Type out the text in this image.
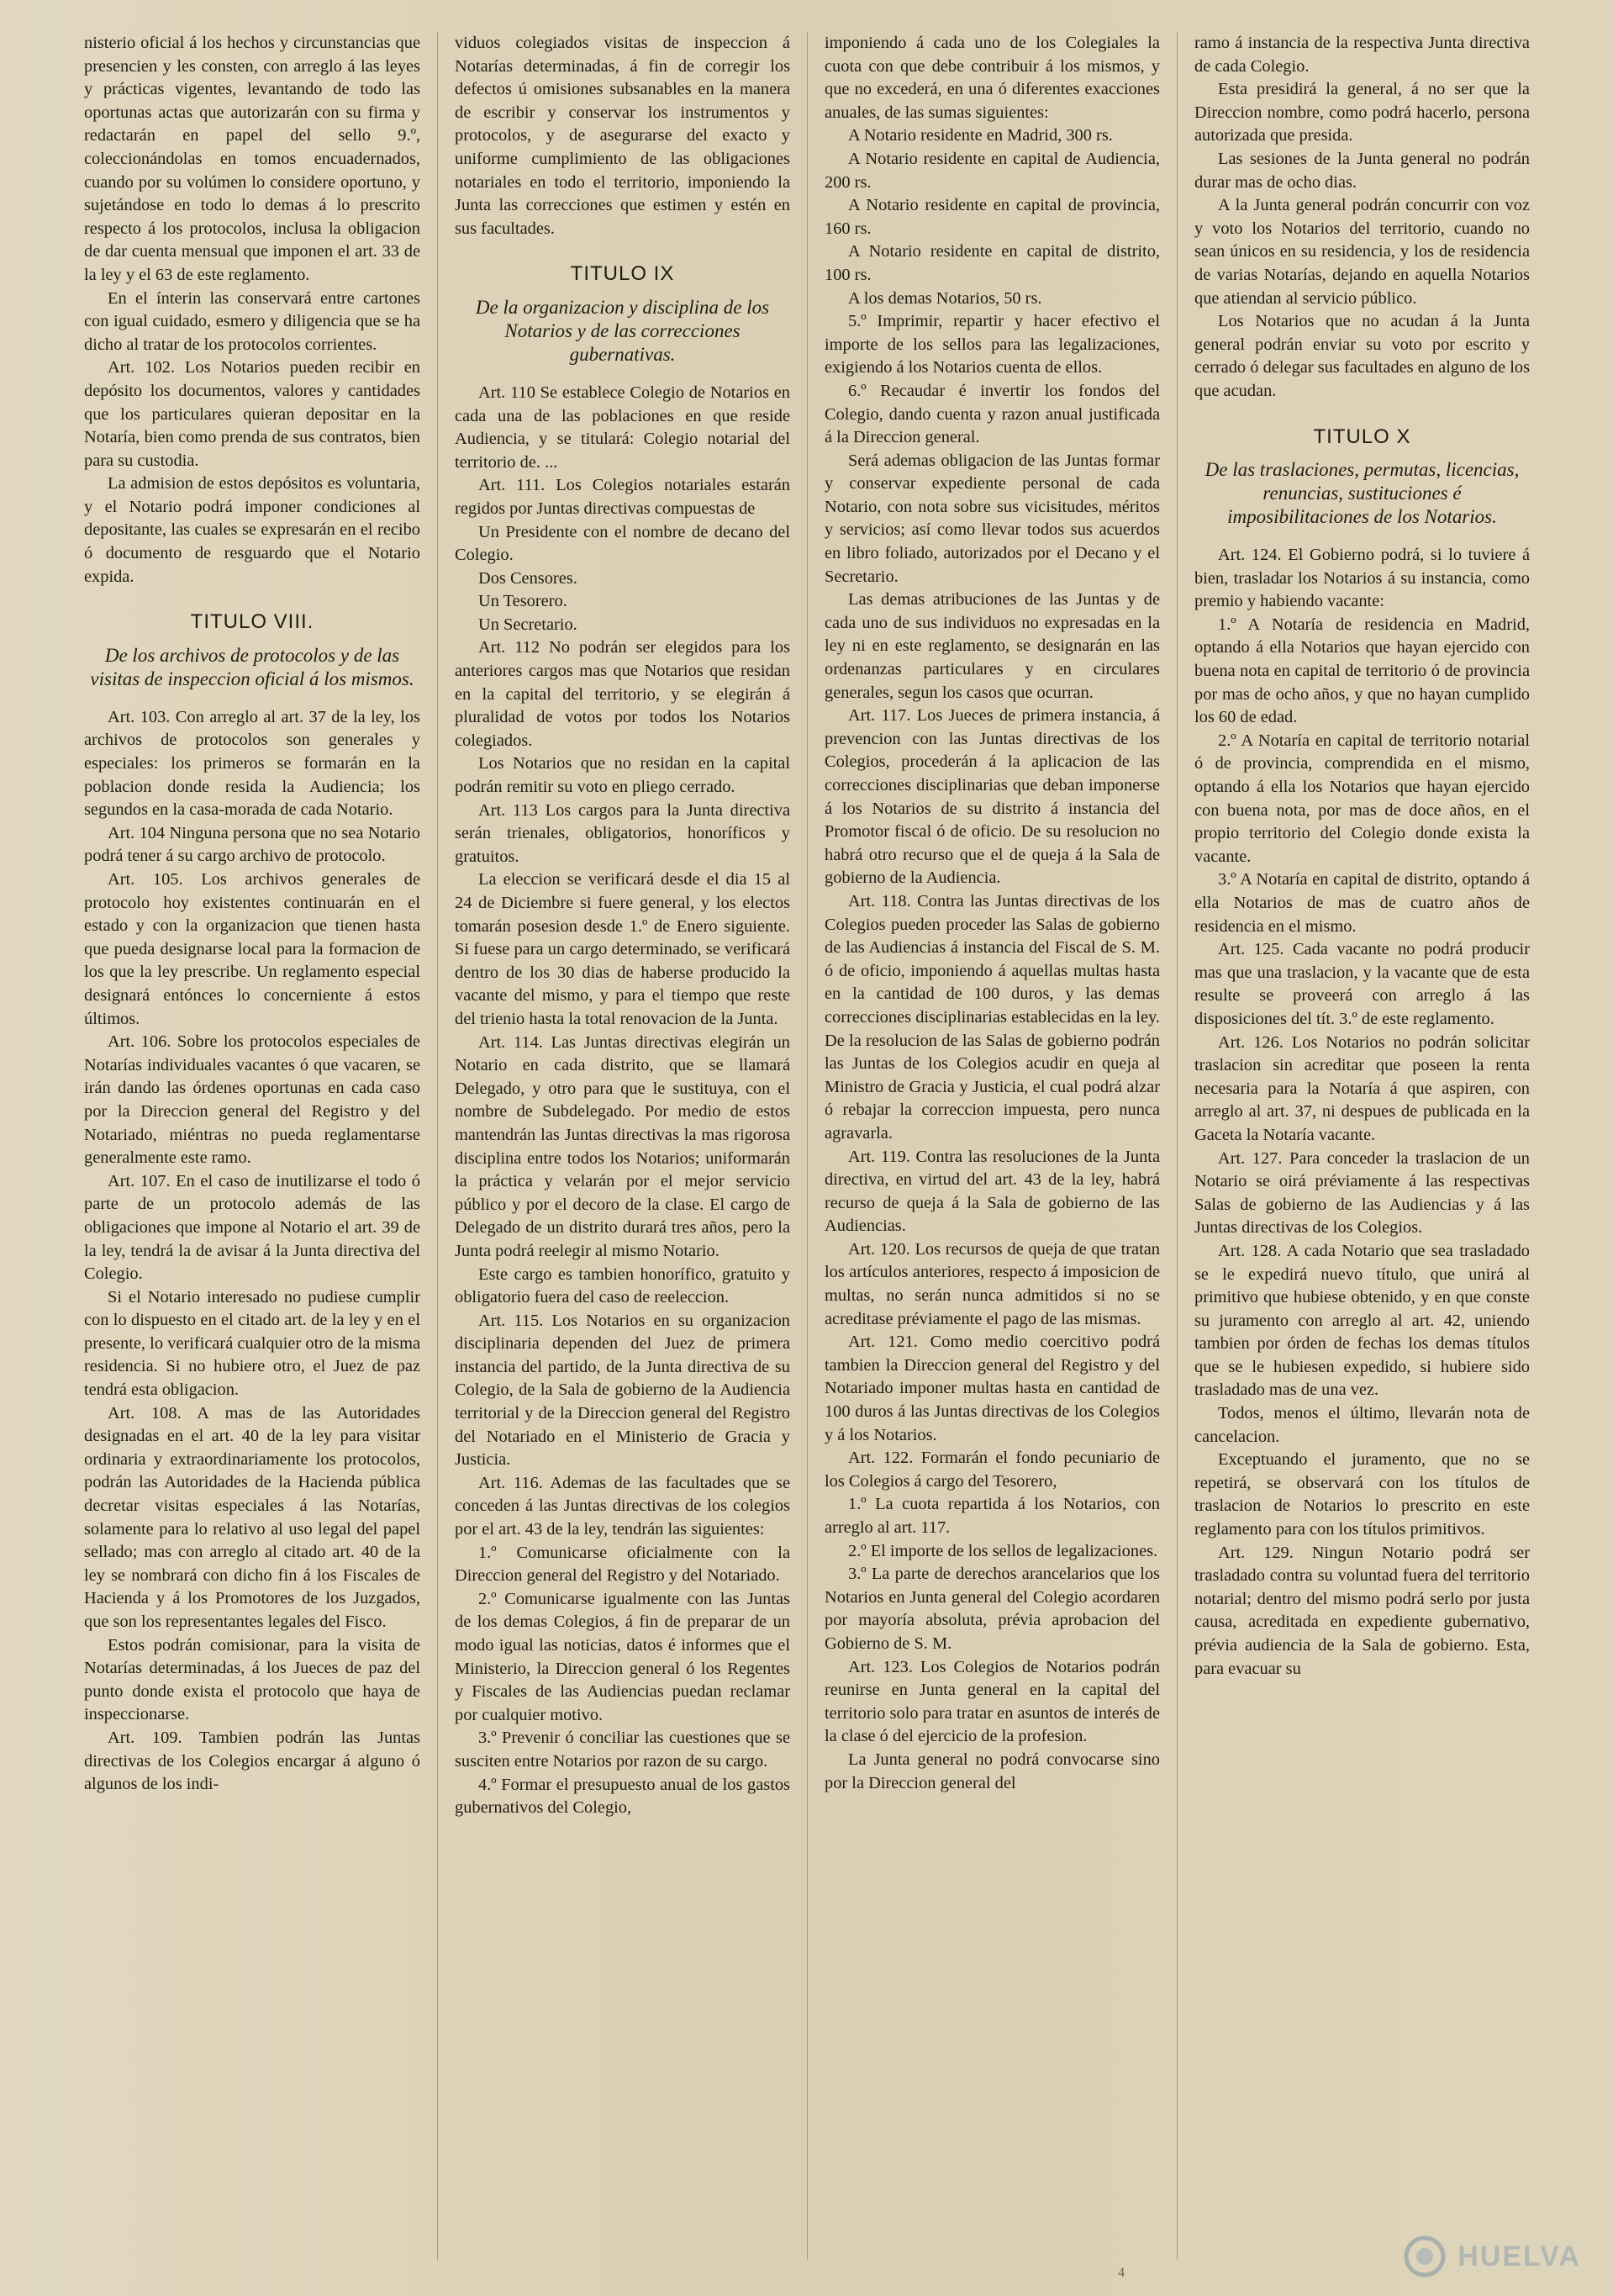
nisterio oficial á los hechos y circunstancias que presencien y les consten, con arreglo á las leyes y prácticas vigentes, levantando de todo las oportunas actas que autorizarán con su firma y redactarán en papel del sello 9.º, coleccionándolas en tomos encuadernados, cuando por su volúmen lo considere oportuno, y sujetándose en todo lo demas á lo prescrito respecto á los protocolos, inclusa la obligacion de dar cuenta mensual que imponen el art. 33 de la ley y el 63 de este reglamento.

En el ínterin las conservará entre cartones con igual cuidado, esmero y diligencia que se ha dicho al tratar de los protocolos corrientes.

Art. 102. Los Notarios pueden recibir en depósito los documentos, valores y cantidades que los particulares quieran depositar en la Notaría, bien como prenda de sus contratos, bien para su custodia.

La admision de estos depósitos es voluntaria, y el Notario podrá imponer condiciones al depositante, las cuales se expresarán en el recibo ó documento de resguardo que el Notario expida.

TITULO VIII.
De los archivos de protocolos y de las visitas de inspeccion oficial á los mismos.

Art. 103. Con arreglo al art. 37 de la ley, los archivos de protocolos son generales y especiales: los primeros se formarán en la poblacion donde resida la Audiencia; los segundos en la casa-morada de cada Notario.

Art. 104 Ninguna persona que no sea Notario podrá tener á su cargo archivo de protocolo.

Art. 105. Los archivos generales de protocolo hoy existentes continuarán en el estado y con la organizacion que tienen hasta que pueda designarse local para la formacion de los que la ley prescribe. Un reglamento especial designará entónces lo concerniente á estos últimos.

Art. 106. Sobre los protocolos especiales de Notarías individuales vacantes ó que vacaren, se irán dando las órdenes oportunas en cada caso por la Direccion general del Registro y del Notariado, miéntras no pueda reglamentarse generalmente este ramo.

Art. 107. En el caso de inutilizarse el todo ó parte de un protocolo además de las obligaciones que impone al Notario el art. 39 de la ley, tendrá la de avisar á la Junta directiva del Colegio.

Si el Notario interesado no pudiese cumplir con lo dispuesto en el citado art. de la ley y en el presente, lo verificará cualquier otro de la misma residencia. Si no hubiere otro, el Juez de paz tendrá esta obligacion.

Art. 108. A mas de las Autoridades designadas en el art. 40 de la ley para visitar ordinaria y extraordinariamente los protocolos, podrán las Autoridades de la Hacienda pública decretar visitas especiales á las Notarías, solamente para lo relativo al uso legal del papel sellado; mas con arreglo al citado art. 40 de la ley se nombrará con dicho fin á los Fiscales de Hacienda y á los Promotores de los Juzgados, que son los representantes legales del Fisco.

Estos podrán comisionar, para la visita de Notarías determinadas, á los Jueces de paz del punto donde exista el protocolo que haya de inspeccionarse.

Art. 109. Tambien podrán las Juntas directivas de los Colegios encargar á alguno ó algunos de los indi-

viduos colegiados visitas de inspeccion á Notarías determinadas, á fin de corregir los defectos ú omisiones subsanables en la manera de escribir y conservar los instrumentos y protocolos, y de asegurarse del exacto y uniforme cumplimiento de las obligaciones notariales en todo el territorio, imponiendo la Junta las correcciones que estimen y estén en sus facultades.

TITULO IX
De la organizacion y disciplina de los Notarios y de las correcciones gubernativas.

Art. 110 Se establece Colegio de Notarios en cada una de las poblaciones en que reside Audiencia, y se titulará: Colegio notarial del territorio de. ...

Art. 111. Los Colegios notariales estarán regidos por Juntas directivas compuestas de

Un Presidente con el nombre de decano del Colegio.

Dos Censores.

Un Tesorero.

Un Secretario.

Art. 112 No podrán ser elegidos para los anteriores cargos mas que Notarios que residan en la capital del territorio, y se elegirán á pluralidad de votos por todos los Notarios colegiados.

Los Notarios que no residan en la capital podrán remitir su voto en pliego cerrado.

Art. 113 Los cargos para la Junta directiva serán trienales, obligatorios, honoríficos y gratuitos.

La eleccion se verificará desde el dia 15 al 24 de Diciembre si fuere general, y los electos tomarán posesion desde 1.º de Enero siguiente. Si fuese para un cargo determinado, se verificará dentro de los 30 dias de haberse producido la vacante del mismo, y para el tiempo que reste del trienio hasta la total renovacion de la Junta.

Art. 114. Las Juntas directivas elegirán un Notario en cada distrito, que se llamará Delegado, y otro para que le sustituya, con el nombre de Subdelegado. Por medio de estos mantendrán las Juntas directivas la mas rigorosa disciplina entre todos los Notarios; uniformarán la práctica y velarán por el mejor servicio público y por el decoro de la clase. El cargo de Delegado de un distrito durará tres años, pero la Junta podrá reelegir al mismo Notario.

Este cargo es tambien honorífico, gratuito y obligatorio fuera del caso de reeleccion.

Art. 115. Los Notarios en su organizacion disciplinaria dependen del Juez de primera instancia del partido, de la Junta directiva de su Colegio, de la Sala de gobierno de la Audiencia territorial y de la Direccion general del Registro del Notariado en el Ministerio de Gracia y Justicia.

Art. 116. Ademas de las facultades que se conceden á las Juntas directivas de los colegios por el art. 43 de la ley, tendrán las siguientes:

1.º Comunicarse oficialmente con la Direccion general del Registro y del Notariado.

2.º Comunicarse igualmente con las Juntas de los demas Colegios, á fin de preparar de un modo igual las noticias, datos é informes que el Ministerio, la Direccion general ó los Regentes y Fiscales de las Audiencias puedan reclamar por cualquier motivo.

3.º Prevenir ó conciliar las cuestiones que se susciten entre Notarios por razon de su cargo.

4.º Formar el presupuesto anual de los gastos gubernativos del Colegio,

imponiendo á cada uno de los Colegiales la cuota con que debe contribuir á los mismos, y que no excederá, en una ó diferentes exacciones anuales, de las sumas siguientes:

A Notario residente en Madrid, 300 rs.

A Notario residente en capital de Audiencia, 200 rs.

A Notario residente en capital de provincia, 160 rs.

A Notario residente en capital de distrito, 100 rs.

A los demas Notarios, 50 rs.

5.º Imprimir, repartir y hacer efectivo el importe de los sellos para las legalizaciones, exigiendo á los Notarios cuenta de ellos.

6.º Recaudar é invertir los fondos del Colegio, dando cuenta y razon anual justificada á la Direccion general.

Será ademas obligacion de las Juntas formar y conservar expediente personal de cada Notario, con nota sobre sus vicisitudes, méritos y servicios; así como llevar todos sus acuerdos en libro foliado, autorizados por el Decano y el Secretario.

Las demas atribuciones de las Juntas y de cada uno de sus individuos no expresadas en la ley ni en este reglamento, se designarán en las ordenanzas particulares y en circulares generales, segun los casos que ocurran.

Art. 117. Los Jueces de primera instancia, á prevencion con las Juntas directivas de los Colegios, procederán á la aplicacion de las correcciones disciplinarias que deban imponerse á los Notarios de su distrito á instancia del Promotor fiscal ó de oficio. De su resolucion no habrá otro recurso que el de queja á la Sala de gobierno de la Audiencia.

Art. 118. Contra las Juntas directivas de los Colegios pueden proceder las Salas de gobierno de las Audiencias á instancia del Fiscal de S. M. ó de oficio, imponiendo á aquellas multas hasta en la cantidad de 100 duros, y las demas correcciones disciplinarias establecidas en la ley. De la resolucion de las Salas de gobierno podrán las Juntas de los Colegios acudir en queja al Ministro de Gracia y Justicia, el cual podrá alzar ó rebajar la correccion impuesta, pero nunca agravarla.

Art. 119. Contra las resoluciones de la Junta directiva, en virtud del art. 43 de la ley, habrá recurso de queja á la Sala de gobierno de las Audiencias.

Art. 120. Los recursos de queja de que tratan los artículos anteriores, respecto á imposicion de multas, no serán nunca admitidos si no se acreditase préviamente el pago de las mismas.

Art. 121. Como medio coercitivo podrá tambien la Direccion general del Registro y del Notariado imponer multas hasta en cantidad de 100 duros á las Juntas directivas de los Colegios y á los Notarios.

Art. 122. Formarán el fondo pecuniario de los Colegios á cargo del Tesorero,

1.º La cuota repartida á los Notarios, con arreglo al art. 117.

2.º El importe de los sellos de legalizaciones.

3.º La parte de derechos arancelarios que los Notarios en Junta general del Colegio acordaren por mayoría absoluta, prévia aprobacion del Gobierno de S. M.

Art. 123. Los Colegios de Notarios podrán reunirse en Junta general en la capital del territorio solo para tratar en asuntos de interés de la clase ó del ejercicio de la profesion.

La Junta general no podrá convocarse sino por la Direccion general del

ramo á instancia de la respectiva Junta directiva de cada Colegio.

Esta presidirá la general, á no ser que la Direccion nombre, como podrá hacerlo, persona autorizada que presida.

Las sesiones de la Junta general no podrán durar mas de ocho dias.

A la Junta general podrán concurrir con voz y voto los Notarios del territorio, cuando no sean únicos en su residencia, y los de residencia de varias Notarías, dejando en aquella Notarios que atiendan al servicio público.

Los Notarios que no acudan á la Junta general podrán enviar su voto por escrito y cerrado ó delegar sus facultades en alguno de los que acudan.

TITULO X
De las traslaciones, permutas, licencias, renuncias, sustituciones é imposibilitaciones de los Notarios.

Art. 124. El Gobierno podrá, si lo tuviere á bien, trasladar los Notarios á su instancia, como premio y habiendo vacante:

1.º A Notaría de residencia en Madrid, optando á ella Notarios que hayan ejercido con buena nota en capital de territorio ó de provincia por mas de ocho años, y que no hayan cumplido los 60 de edad.

2.º A Notaría en capital de territorio notarial ó de provincia, comprendida en el mismo, optando á ella los Notarios que hayan ejercido con buena nota, por mas de doce años, en el propio territorio del Colegio donde exista la vacante.

3.º A Notaría en capital de distrito, optando á ella Notarios de mas de cuatro años de residencia en el mismo.

Art. 125. Cada vacante no podrá producir mas que una traslacion, y la vacante que de esta resulte se proveerá con arreglo á las disposiciones del tít. 3.º de este reglamento.

Art. 126. Los Notarios no podrán solicitar traslacion sin acreditar que poseen la renta necesaria para la Notaría á que aspiren, con arreglo al art. 37, ni despues de publicada en la Gaceta la Notaría vacante.

Art. 127. Para conceder la traslacion de un Notario se oirá préviamente á las respectivas Salas de gobierno de las Audiencias y á las Juntas directivas de los Colegios.

Art. 128. A cada Notario que sea trasladado se le expedirá nuevo título, que unirá al primitivo que hubiese obtenido, y en que conste su juramento con arreglo al art. 42, uniendo tambien por órden de fechas los demas títulos que se le hubiesen expedido, si hubiere sido trasladado mas de una vez.

Todos, menos el último, llevarán nota de cancelacion.

Exceptuando el juramento, que no se repetirá, se observará con los títulos de traslacion de Notarios lo prescrito en este reglamento para con los títulos primitivos.

Art. 129. Ningun Notario podrá ser trasladado contra su voluntad fuera del territorio notarial; dentro del mismo podrá serlo por justa causa, acreditada en expediente gubernativo, prévia audiencia de la Sala de gobierno. Esta, para evacuar su

4
HUELVA
